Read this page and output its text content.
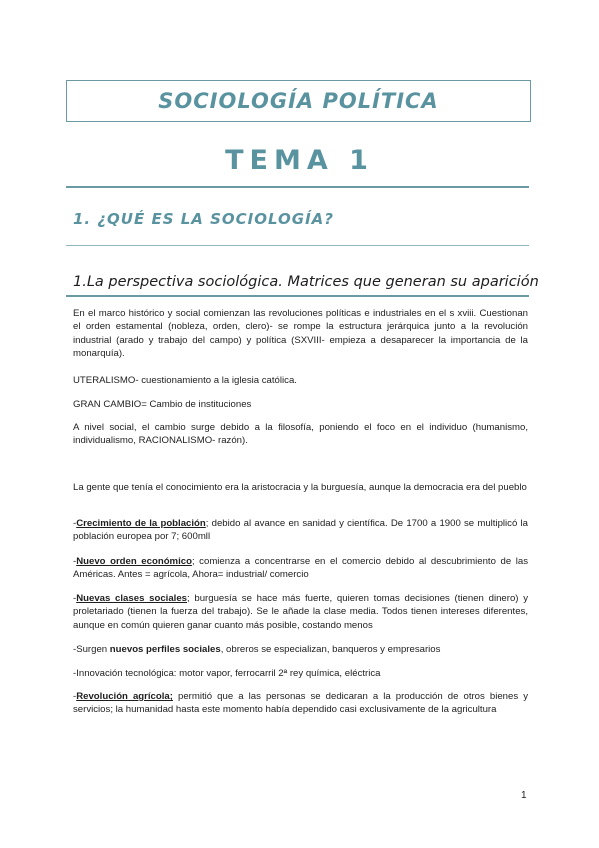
SOCIOLOGÍA POLÍTICA
TEMA 1
1. ¿QUÉ ES LA SOCIOLOGÍA?
1.La perspectiva sociológica. Matrices que generan su aparición

En el marco histórico y social comienzan las revoluciones políticas e industriales en el s xviii. Cuestionan el orden estamental (nobleza, orden, clero)- se rompe la estructura jerárquica junto a la revolución industrial (arado y trabajo del campo) y política (SXVIII- empieza a desaparecer la importancia de la monarquía).

UTERALISMO- cuestionamiento a la iglesia católica.

GRAN CAMBIO= Cambio de instituciones

A nivel social, el cambio surge debido a la filosofía, poniendo el foco en el individuo (humanismo, individualismo, RACIONALISMO- razón).

La gente que tenía el conocimiento era la aristocracia y la burguesía, aunque la democracia era del pueblo

-Crecimiento de la población; debido al avance en sanidad y científica. De 1700 a 1900 se multiplicó la población europea por 7; 600mll

-Nuevo orden económico; comienza a concentrarse en el comercio debido al descubrimiento de las Américas. Antes = agrícola, Ahora= industrial/ comercio

-Nuevas clases sociales; burguesía se hace más fuerte, quieren tomas decisiones (tienen dinero) y proletariado (tienen la fuerza del trabajo). Se le añade la clase media. Todos tienen intereses diferentes, aunque en común quieren ganar cuanto más posible, costando menos

-Surgen nuevos perfiles sociales, obreros se especializan, banqueros y empresarios

-Innovación tecnológica: motor vapor, ferrocarril 2ª rey química, eléctrica

-Revolución agrícola; permitió que a las personas se dedicaran a la producción de otros bienes y servicios; la humanidad hasta este momento había dependido casi exclusivamente de la agricultura

1
